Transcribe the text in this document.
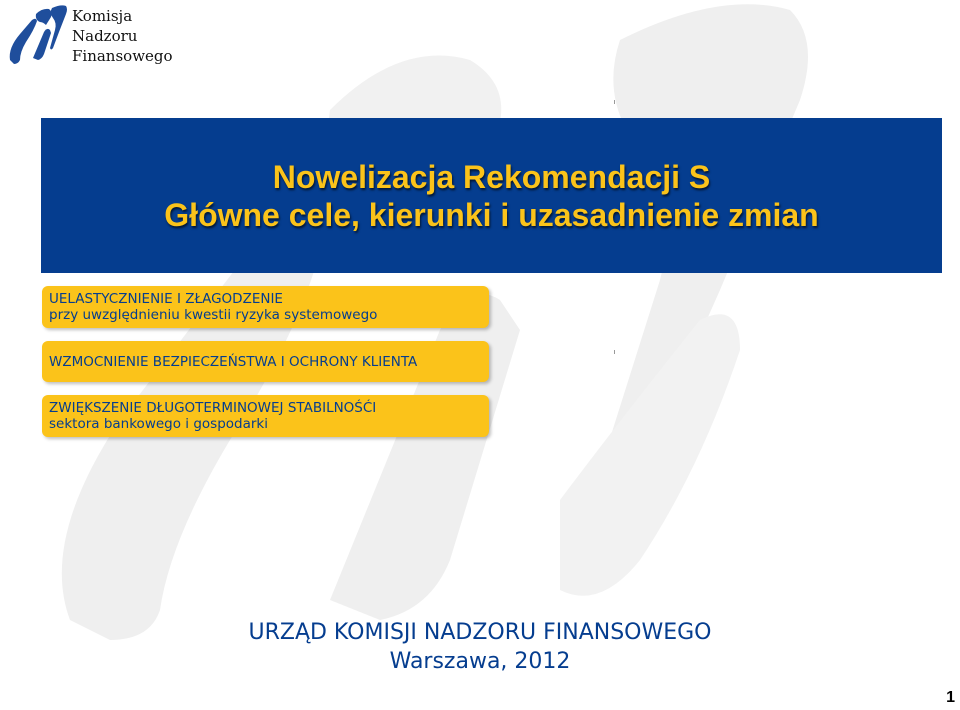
Komisja
Nadzoru
Finansowego
Nowelizacja Rekomendacji S
Główne cele, kierunki i uzasadnienie zmian
UELASTYCZNIENIE I ZŁAGODZENIE
przy uwzględnieniu kwestii ryzyka systemowego
WZMOCNIENIE BEZPIECZEŃSTWA I OCHRONY KLIENTA
ZWIĘKSZENIE DŁUGOTERMINOWEJ STABILNOŚĆI
sektora bankowego i gospodarki
URZĄD KOMISJI NADZORU FINANSOWEGO
Warszawa, 2012
1
